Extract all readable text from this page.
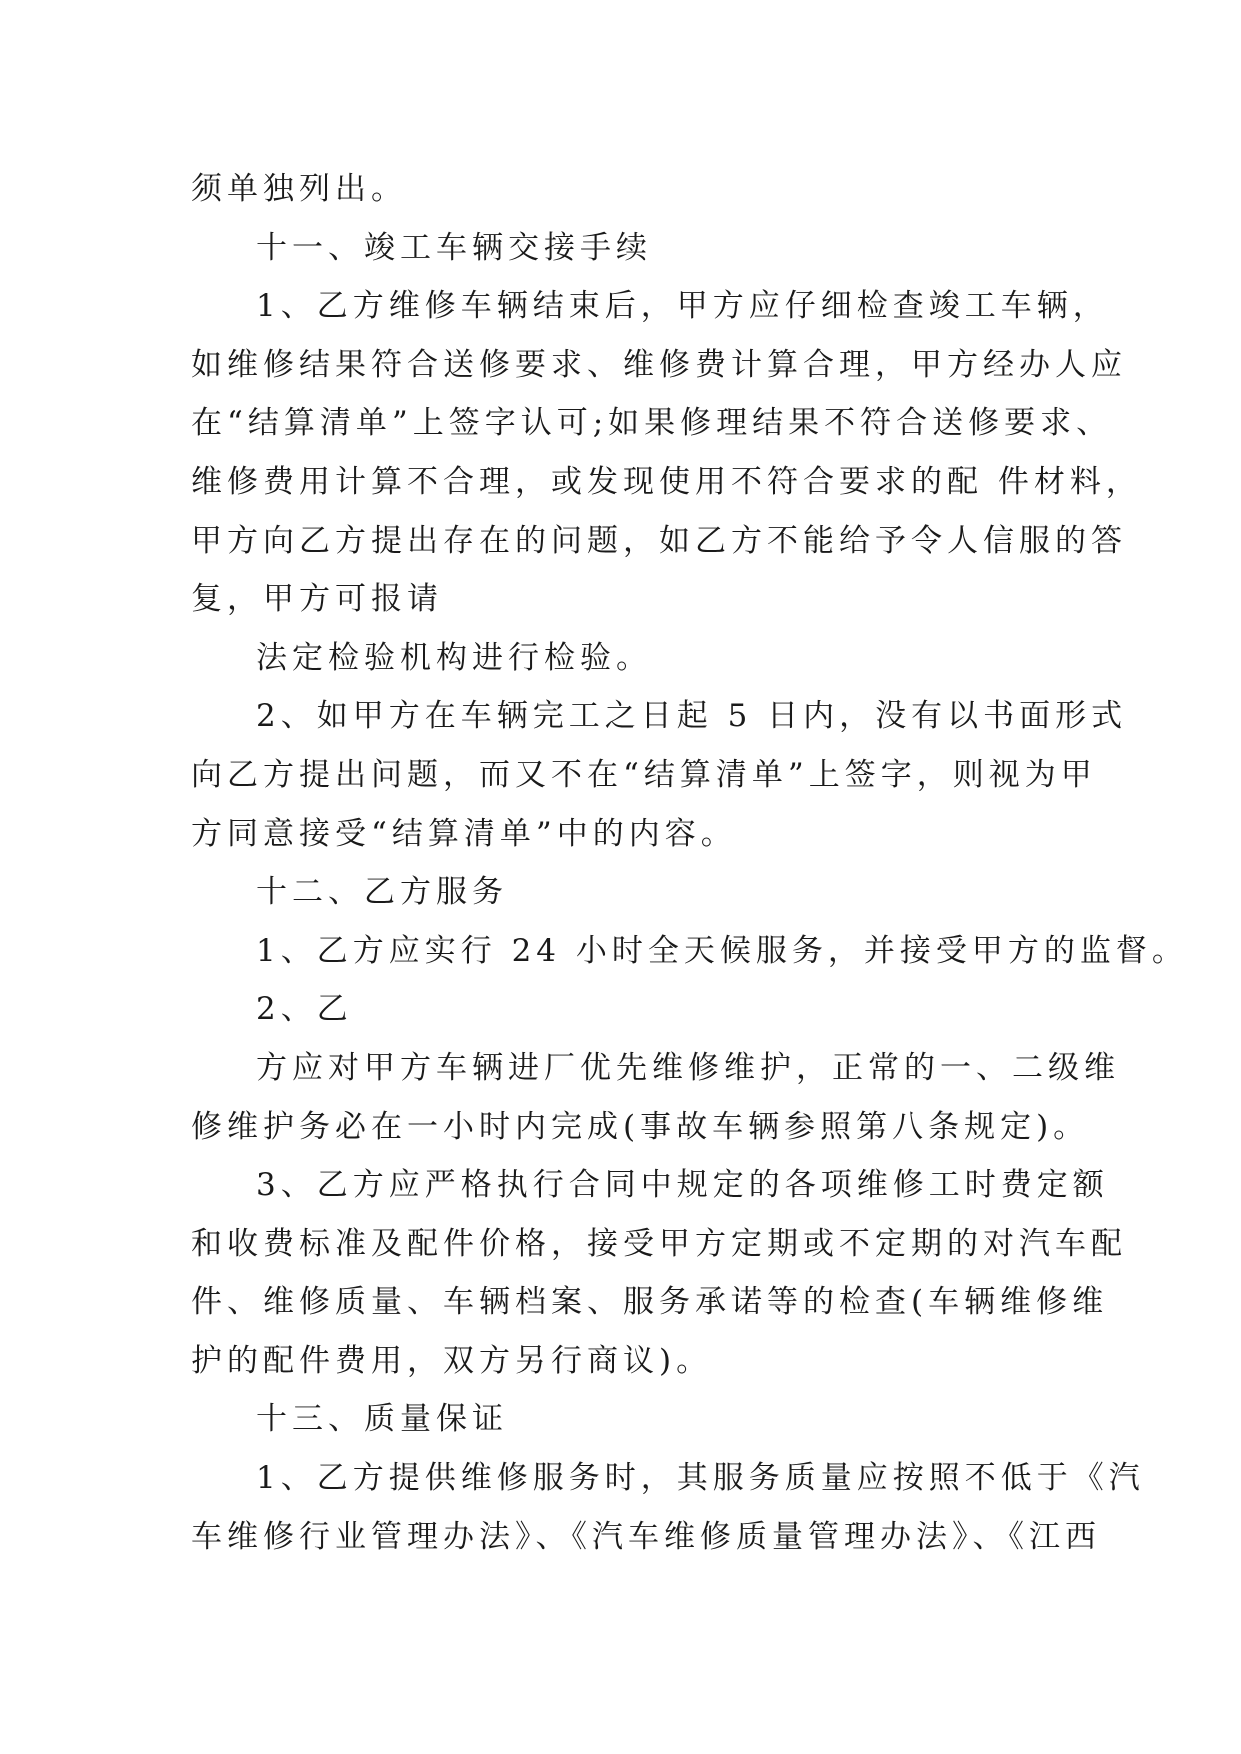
须单独列出。
十一、竣工车辆交接手续
1、乙方维修车辆结束后，甲方应仔细检查竣工车辆，
如维修结果符合送修要求、维修费计算合理，甲方经办人应
在“结算清单”上签字认可;如果修理结果不符合送修要求、
维修费用计算不合理，或发现使用不符合要求的配 件材料，
甲方向乙方提出存在的问题，如乙方不能给予令人信服的答
复，甲方可报请
法定检验机构进行检验。
2、如甲方在车辆完工之日起 5 日内，没有以书面形式
向乙方提出问题，而又不在“结算清单”上签字，则视为甲
方同意接受“结算清单”中的内容。
十二、乙方服务
1、乙方应实行 24 小时全天候服务，并接受甲方的监督。
2、乙
方应对甲方车辆进厂优先维修维护，正常的一、二级维
修维护务必在一小时内完成(事故车辆参照第八条规定)。
3、乙方应严格执行合同中规定的各项维修工时费定额
和收费标准及配件价格，接受甲方定期或不定期的对汽车配
件、维修质量、车辆档案、服务承诺等的检查(车辆维修维
护的配件费用，双方另行商议)。
十三、质量保证
1、乙方提供维修服务时，其服务质量应按照不低于《汽
车维修行业管理办法》、《汽车维修质量管理办法》、《江西
